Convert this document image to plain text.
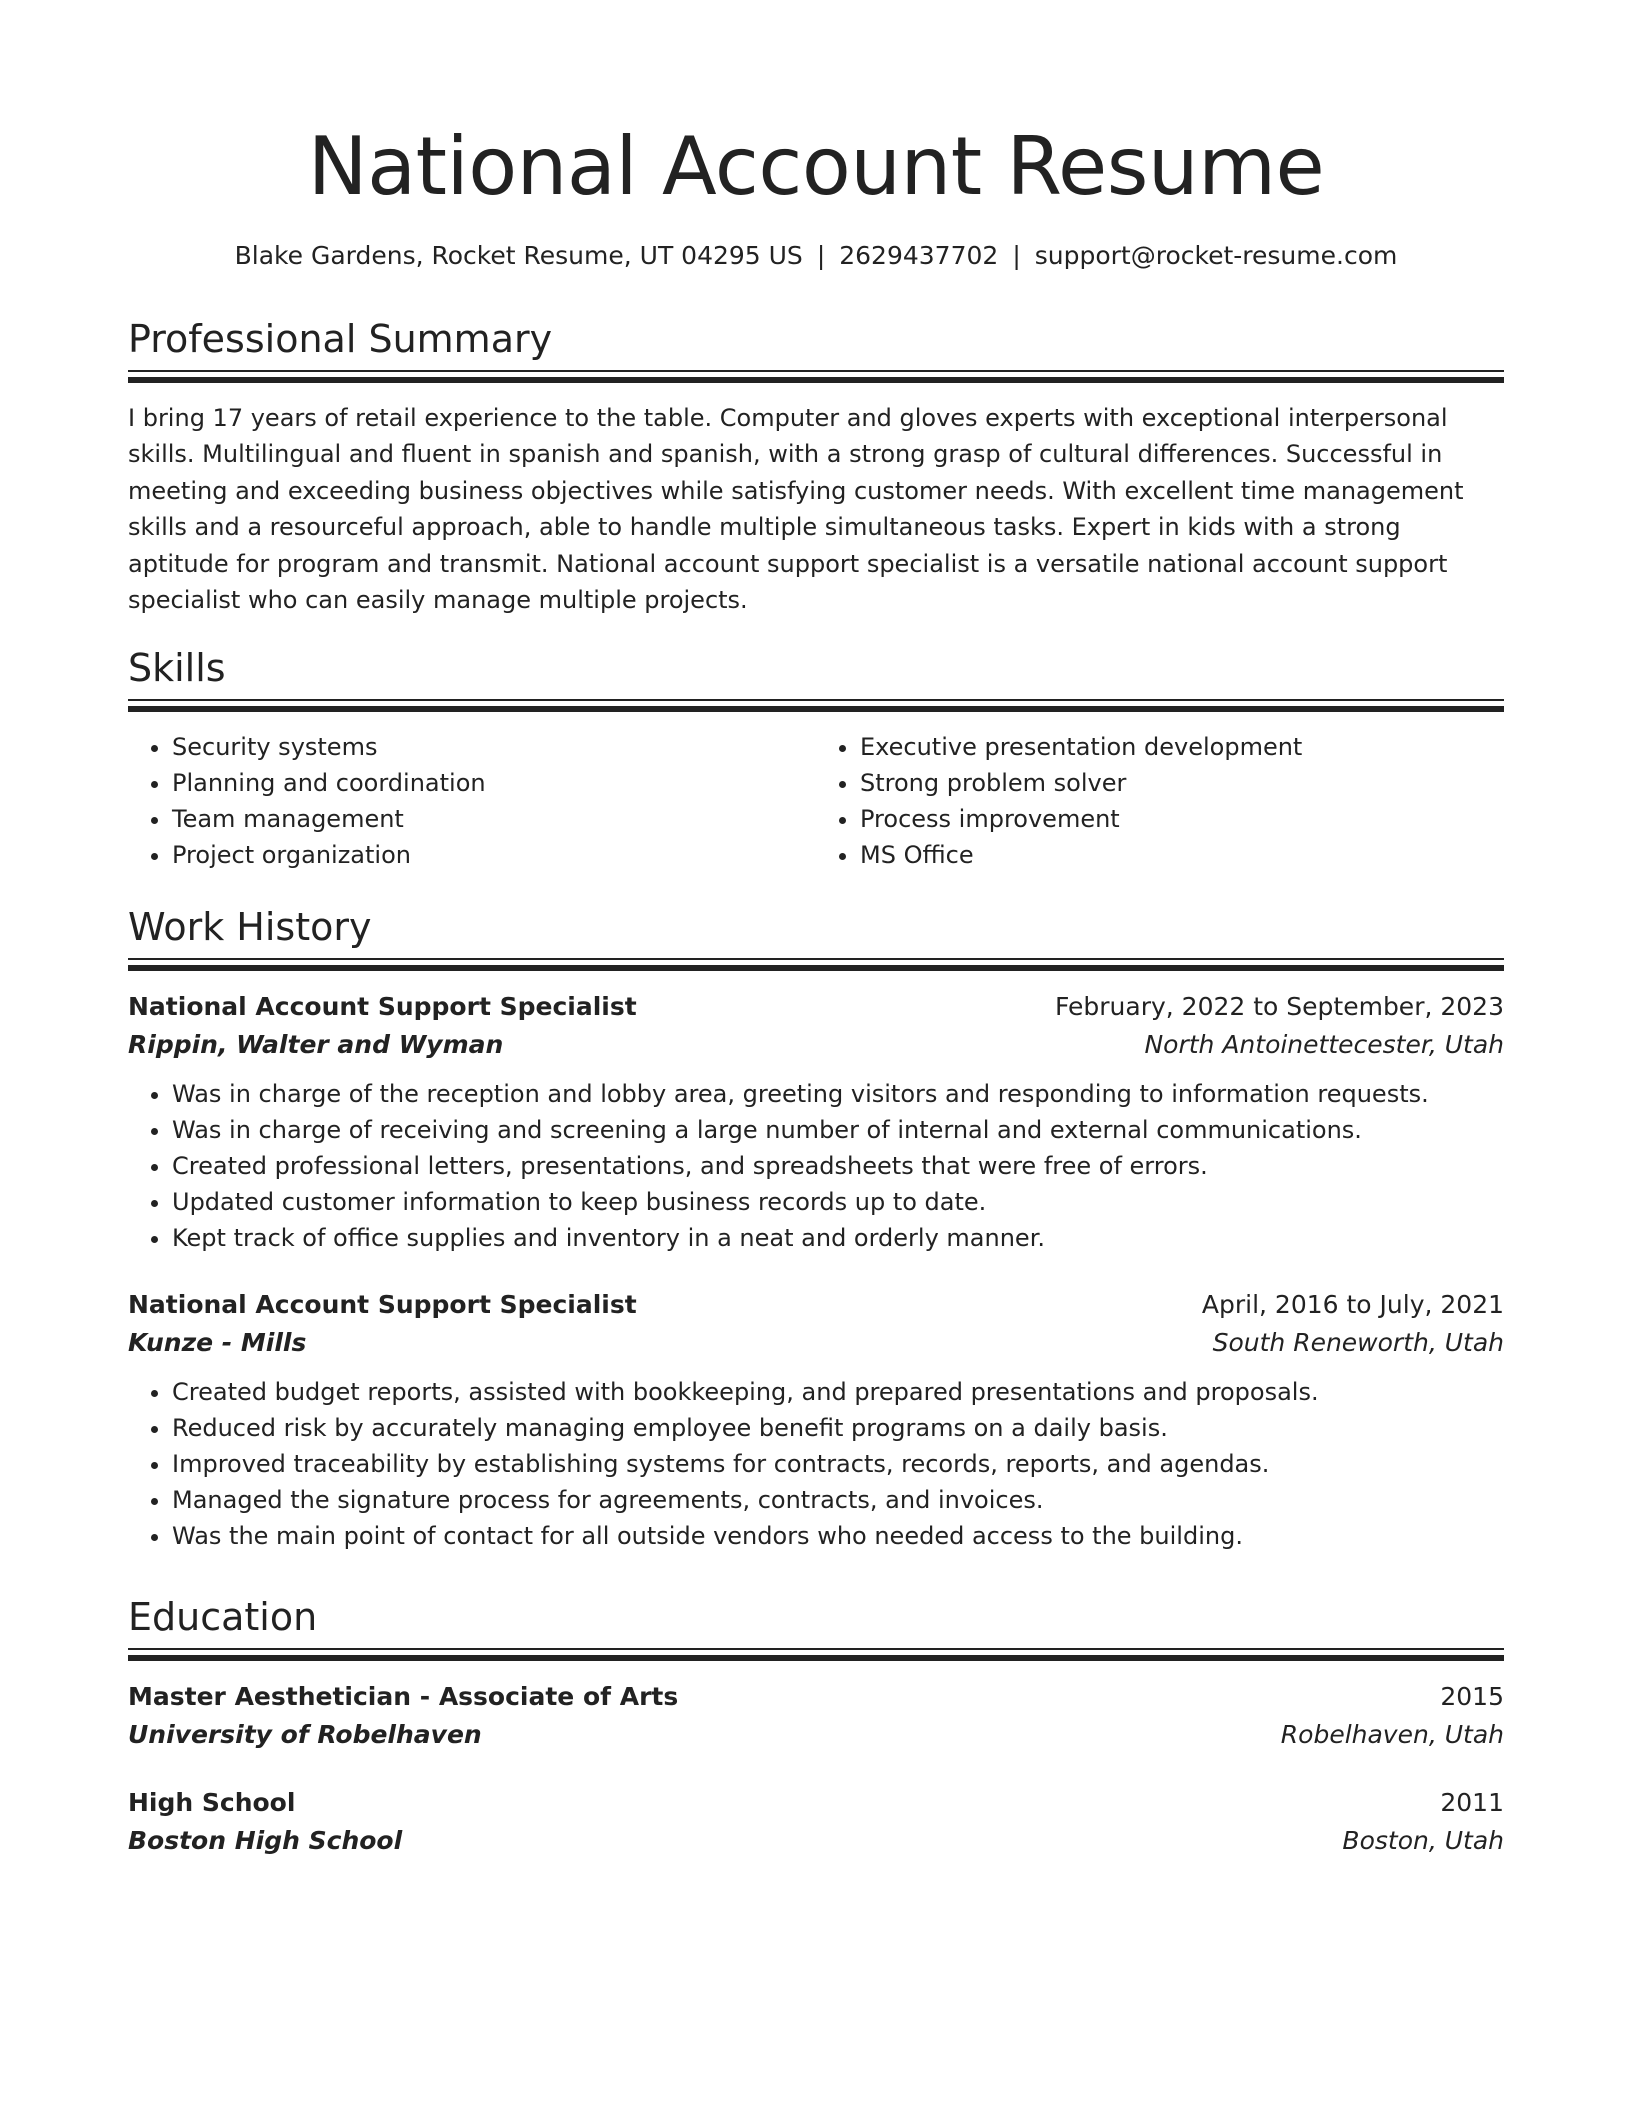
National Account Resume
Blake Gardens, Rocket Resume, UT 04295 US | 2629437702 | support@rocket-resume.com
Professional Summary

I bring 17 years of retail experience to the table. Computer and gloves experts with exceptional interpersonal skills. Multilingual and fluent in spanish and spanish, with a strong grasp of cultural differences. Successful in meeting and exceeding business objectives while satisfying customer needs. With excellent time management skills and a resourceful approach, able to handle multiple simultaneous tasks. Expert in kids with a strong aptitude for program and transmit. National account support specialist is a versatile national account support specialist who can easily manage multiple projects.

Skills
• Security systems
• Planning and coordination
• Team management
• Project organization
• Executive presentation development
• Strong problem solver
• Process improvement
• MS Office
Work History
National Account Support Specialist	February, 2022 to September, 2023
Rippin, Walter and Wyman	North Antoinettecester, Utah
• Was in charge of the reception and lobby area, greeting visitors and responding to information requests.
• Was in charge of receiving and screening a large number of internal and external communications.
• Created professional letters, presentations, and spreadsheets that were free of errors.
• Updated customer information to keep business records up to date.
• Kept track of office supplies and inventory in a neat and orderly manner.
National Account Support Specialist	April, 2016 to July, 2021
Kunze - Mills	South Reneworth, Utah
• Created budget reports, assisted with bookkeeping, and prepared presentations and proposals.
• Reduced risk by accurately managing employee benefit programs on a daily basis.
• Improved traceability by establishing systems for contracts, records, reports, and agendas.
• Managed the signature process for agreements, contracts, and invoices.
• Was the main point of contact for all outside vendors who needed access to the building.
Education
Master Aesthetician - Associate of Arts	2015
University of Robelhaven	Robelhaven, Utah
High School	2011
Boston High School	Boston, Utah
